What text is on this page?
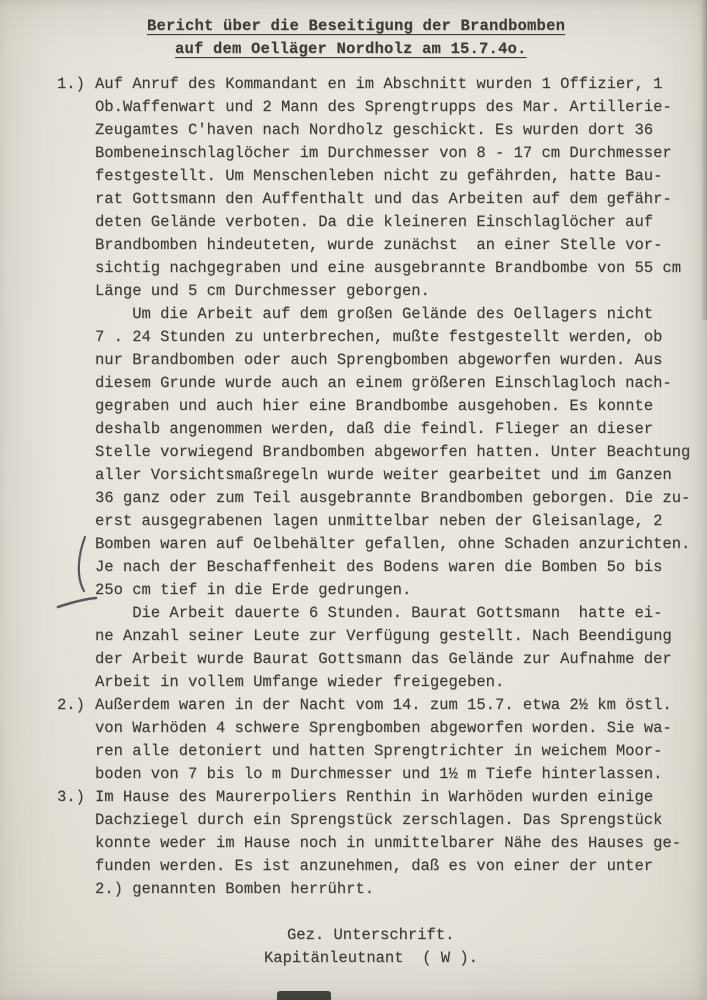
Bericht über die Beseitigung der Brandbomben
auf dem Oelläger Nordholz am 15.7.4o.
1.) Auf Anruf des Kommandant en im Abschnitt wurden 1 Offizier, 1
Ob.Waffenwart und 2 Mann des Sprengtrupps des Mar. Artillerie-
Zeugamtes C'haven nach Nordholz geschickt. Es wurden dort 36
Bombeneinschlaglöcher im Durchmesser von 8 - 17 cm Durchmesser
festgestellt. Um Menschenleben nicht zu gefährden, hatte Bau-
rat Gottsmann den Auffenthalt und das Arbeiten auf dem gefähr-
deten Gelände verboten. Da die kleineren Einschlaglöcher auf
Brandbomben hindeuteten, wurde zunächst  an einer Stelle vor-
sichtig nachgegraben und eine ausgebrannte Brandbombe von 55 cm
Länge und 5 cm Durchmesser geborgen.
Um die Arbeit auf dem großen Gelände des Oellagers nicht
7 . 24 Stunden zu unterbrechen, mußte festgestellt werden, ob
nur Brandbomben oder auch Sprengbomben abgeworfen wurden. Aus
diesem Grunde wurde auch an einem größeren Einschlagloch nach-
gegraben und auch hier eine Brandbombe ausgehoben. Es konnte
deshalb angenommen werden, daß die feindl. Flieger an dieser
Stelle vorwiegend Brandbomben abgeworfen hatten. Unter Beachtung
aller Vorsichtsmaßregeln wurde weiter gearbeitet und im Ganzen
36 ganz oder zum Teil ausgebrannte Brandbomben geborgen. Die zu-
erst ausgegrabenen lagen unmittelbar neben der Gleisanlage, 2
Bomben waren auf Oelbehälter gefallen, ohne Schaden anzurichten.
Je nach der Beschaffenheit des Bodens waren die Bomben 5o bis
25o cm tief in die Erde gedrungen.
Die Arbeit dauerte 6 Stunden. Baurat Gottsmann  hatte ei-
ne Anzahl seiner Leute zur Verfügung gestellt. Nach Beendigung
der Arbeit wurde Baurat Gottsmann das Gelände zur Aufnahme der
Arbeit in vollem Umfange wieder freigegeben.
2.) Außerdem waren in der Nacht vom 14. zum 15.7. etwa 2½ km östl.
von Warhöden 4 schwere Sprengbomben abgeworfen worden. Sie wa-
ren alle detoniert und hatten Sprengtrichter in weichem Moor-
boden von 7 bis lo m Durchmesser und 1½ m Tiefe hinterlassen.
3.) Im Hause des Maurerpoliers Renthin in Warhöden wurden einige
Dachziegel durch ein Sprengstück zerschlagen. Das Sprengstück
konnte weder im Hause noch in unmittelbarer Nähe des Hauses ge-
funden werden. Es ist anzunehmen, daß es von einer der unter
2.) genannten Bomben herrührt.
Gez. Unterschrift.
Kapitänleutnant  ( W ).
